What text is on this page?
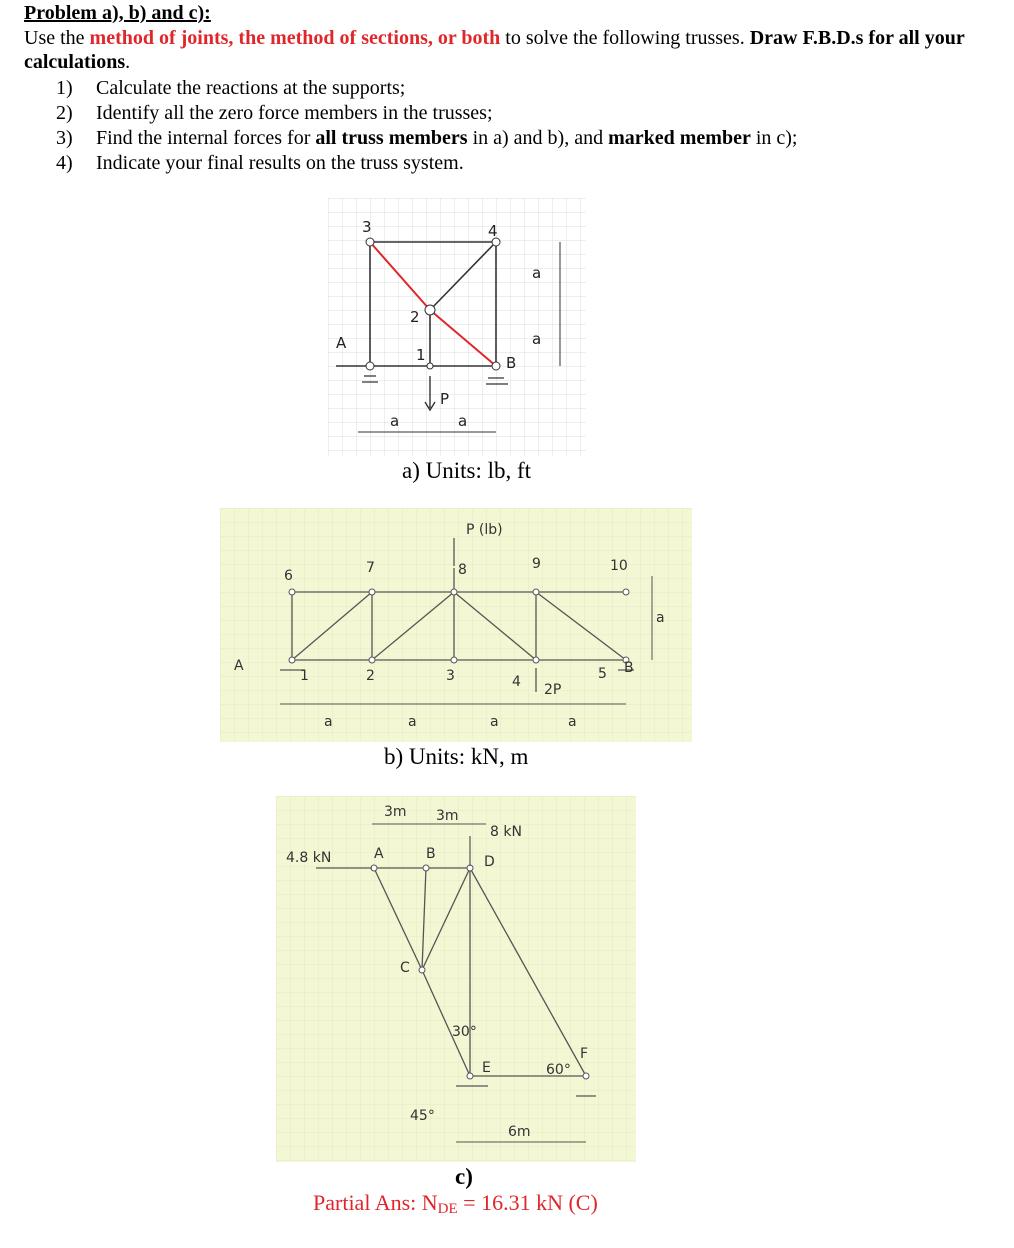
Problem a), b) and c):
Use the method of joints, the method of sections, or both to solve the following trusses. Draw F.B.D.s for all your calculations.
1) Calculate the reactions at the supports;
2) Identify all the zero force members in the trusses;
3) Find the internal forces for all truss members in a) and b), and marked member in c);
4) Indicate your final results on the truss system.
3	4
2
1
A
B
P
a	a
a
a
a) Units: lb, ft
P (lb)
6	7	8	9	10
1	2	3	4	5
A	B
2P
a	a	a	a
a
b) Units: kN, m
3m 3m
4.8 kN
8 kN
A	B
C
D
E
F
30°
60°
45°
6m
c)
Partial Ans: $N_{DE} = 16.31$ kN (C)
